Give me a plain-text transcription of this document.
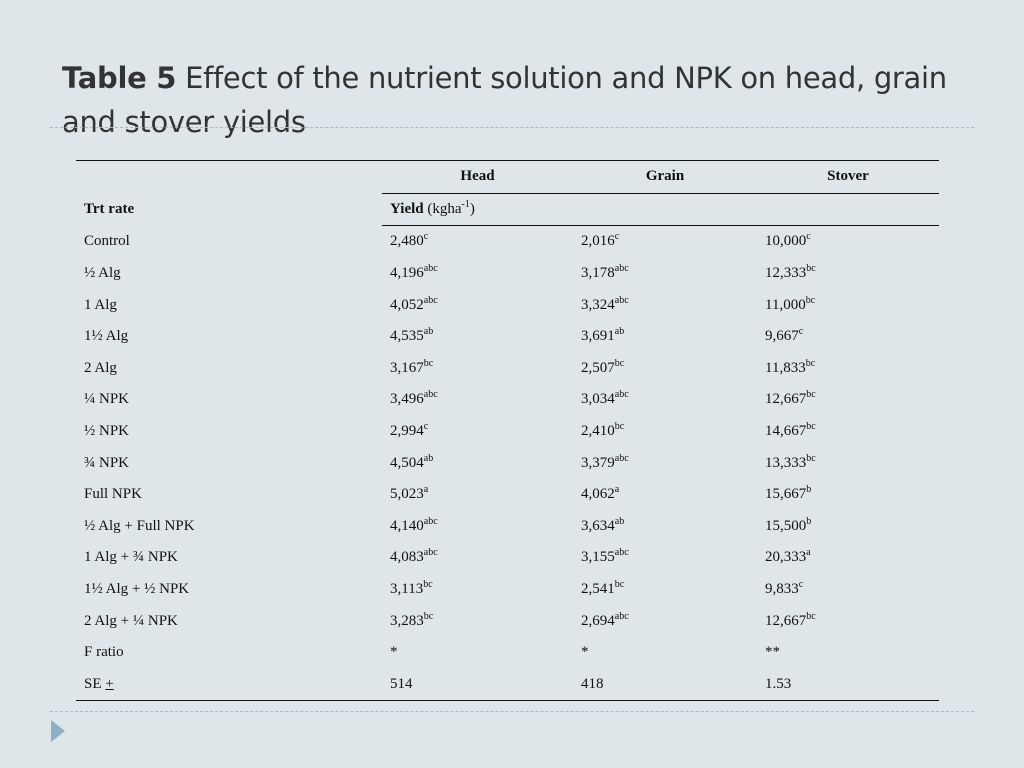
Table 5 Effect of the nutrient solution and NPK on head, grain and stover yields
	Head	Grain	Stover
Trt rate	Yield (kgha$^{-1}$)		
Control	2,480$^c$	2,016$^c$	10,000$^c$
½ Alg	4,196$^{abc}$	3,178$^{abc}$	12,333$^{bc}$
1 Alg	4,052$^{abc}$	3,324$^{abc}$	11,000$^{bc}$
1½ Alg	4,535$^{ab}$	3,691$^{ab}$	9,667$^c$
2 Alg	3,167$^{bc}$	2,507$^{bc}$	11,833$^{bc}$
¼ NPK	3,496$^{abc}$	3,034$^{abc}$	12,667$^{bc}$
½ NPK	2,994$^c$	2,410$^{bc}$	14,667$^{bc}$
¾ NPK	4,504$^{ab}$	3,379$^{abc}$	13,333$^{bc}$
Full NPK	5,023$^a$	4,062$^a$	15,667$^b$
½ Alg + Full NPK	4,140$^{abc}$	3,634$^{ab}$	15,500$^b$
1 Alg + ¾ NPK	4,083$^{abc}$	3,155$^{abc}$	20,333$^a$
1½ Alg + ½ NPK	3,113$^{bc}$	2,541$^{bc}$	9,833$^c$
2 Alg + ¼ NPK	3,283$^{bc}$	2,694$^{abc}$	12,667$^{bc}$
F ratio	*	*	**
SE +	514	418	1.53
